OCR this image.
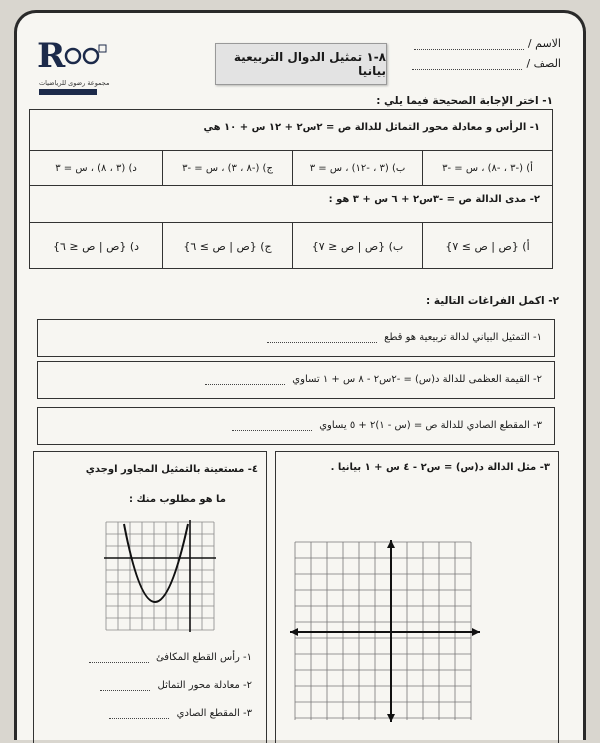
R
مجموعة رضوى للرياضيات
٨-١ تمثيل الدوال التربيعية بيانيا
الاسم /
الصف /
١- اختر الإجابة الصحيحة فيما يلي :
١- الرأس و معادلة محور التماثل للدالة ص = ٢س٢ + ١٢ س + ١٠ هي
أ) (-٣ ، -٨) ، س = -٣
ب) (٣ ، -١٢) ، س = ٣
ج) (-٨ ، ٣) ، س = -٣
د) (٣ ، ٨) ، س = ٣
٢- مدى الدالة ص = -٣س٢ + ٦ س + ٣ هو :
أ) {ص | ص ≥ ٧}
ب) {ص | ص ≤ ٧}
ج) {ص | ص ≥ ٦}
د) {ص | ص ≤ ٦}
٢- اكمل الفراغات التالية :
١- التمثيل البياني لدالة تربيعية هو قطع
٢- القيمة العظمى للدالة د(س) = -٢س٢ - ٨ س + ١ تساوي
٣- المقطع الصادي للدالة ص = (س - ١)٢ + ٥ يساوي
٤- مستعينة بالتمثيل المجاور اوجدي
ما هو مطلوب منك :
١- رأس القطع المكافئ
٢- معادلة محور التماثل
٣- المقطع الصادي
٣- مثل الدالة د(س) = س٢ - ٤ س + ١ بيانيا .
